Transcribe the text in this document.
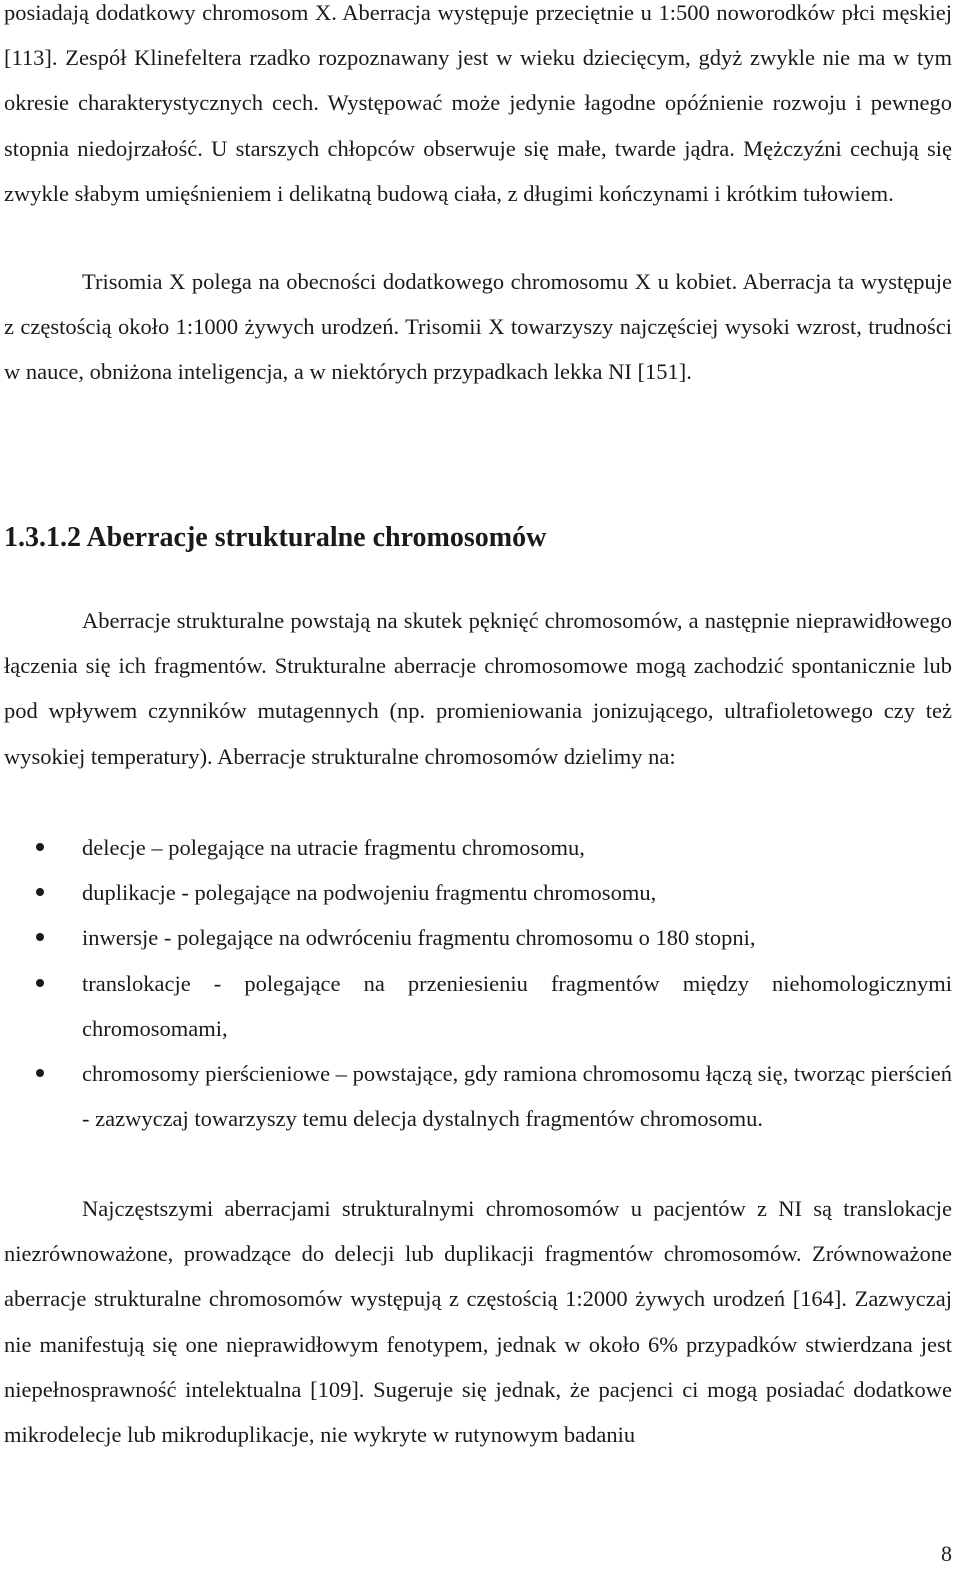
posiadają dodatkowy chromosom X. Aberracja występuje przeciętnie u 1:500 noworodków płci męskiej [113]. Zespół Klinefeltera rzadko rozpoznawany jest w wieku dziecięcym, gdyż zwykle nie ma w tym okresie charakterystycznych cech. Występować może jedynie łagodne opóźnienie rozwoju i pewnego stopnia niedojrzałość. U starszych chłopców obserwuje się małe, twarde jądra. Mężczyźni cechują się zwykle słabym umięśnieniem i delikatną budową ciała, z długimi kończynami i krótkim tułowiem.

Trisomia X polega na obecności dodatkowego chromosomu X u kobiet. Aberracja ta występuje z częstością około 1:1000 żywych urodzeń. Trisomii X towarzyszy najczęściej wysoki wzrost, trudności w nauce, obniżona inteligencja, a w niektórych przypadkach lekka NI [151].

1.3.1.2 Aberracje strukturalne chromosomów

Aberracje strukturalne powstają na skutek pęknięć chromosomów, a następnie nieprawidłowego łączenia się ich fragmentów. Strukturalne aberracje chromosomowe mogą zachodzić spontanicznie lub pod wpływem czynników mutagennych (np. promieniowania jonizującego, ultrafioletowego czy też wysokiej temperatury). Aberracje strukturalne chromosomów dzielimy na:

delecje – polegające na utracie fragmentu chromosomu,
duplikacje - polegające na podwojeniu fragmentu chromosomu,
inwersje - polegające na odwróceniu fragmentu chromosomu o 180 stopni,
translokacje - polegające na przeniesieniu fragmentów między niehomologicznymi chromosomami,
chromosomy pierścieniowe – powstające, gdy ramiona chromosomu łączą się, tworząc pierścień - zazwyczaj towarzyszy temu delecja dystalnych fragmentów chromosomu.

Najczęstszymi aberracjami strukturalnymi chromosomów u pacjentów z NI są translokacje niezrównoważone, prowadzące do delecji lub duplikacji fragmentów chromosomów. Zrównoważone aberracje strukturalne chromosomów występują z częstością 1:2000 żywych urodzeń [164]. Zazwyczaj nie manifestują się one nieprawidłowym fenotypem, jednak w około 6% przypadków stwierdzana jest niepełnosprawność intelektualna [109]. Sugeruje się jednak, że pacjenci ci mogą posiadać dodatkowe mikrodelecje lub mikroduplikacje, nie wykryte w rutynowym badaniu

8
